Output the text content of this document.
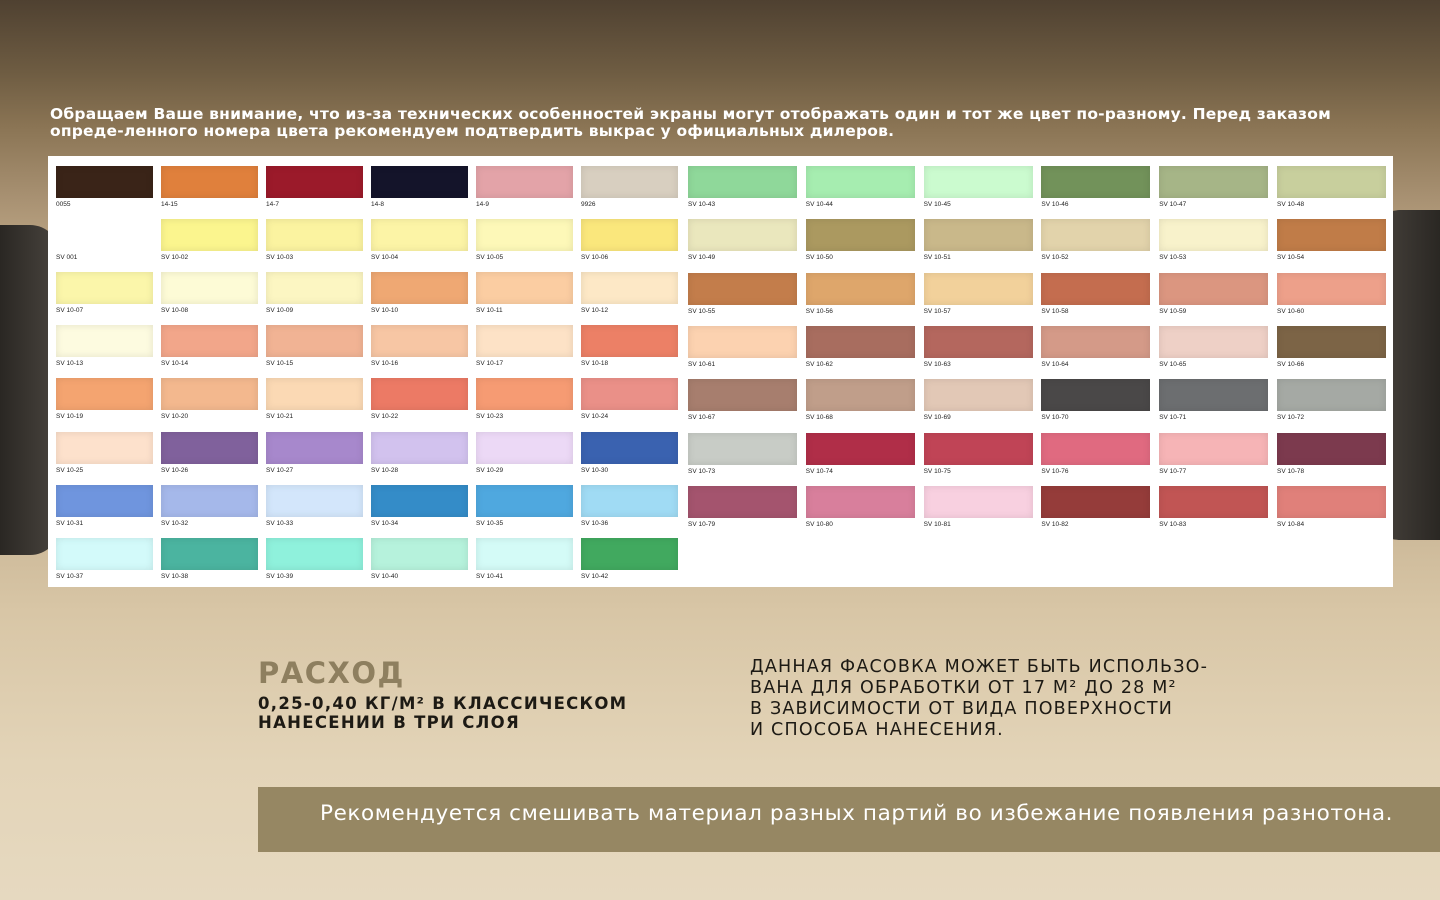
Обращаем Ваше внимание, что из-за технических особенностей экраны могут отображать один и тот же цвет по-разному. Перед заказом опреде-ленного номера цвета рекомендуем подтвердить выкрас у официальных дилеров.
0055	14-15	14-7	14-8	14-9	9926
SV 001	SV 10-02	SV 10-03	SV 10-04	SV 10-05	SV 10-06
SV 10-07	SV 10-08	SV 10-09	SV 10-10	SV 10-11	SV 10-12
SV 10-13	SV 10-14	SV 10-15	SV 10-16	SV 10-17	SV 10-18
SV 10-19	SV 10-20	SV 10-21	SV 10-22	SV 10-23	SV 10-24
SV 10-25	SV 10-26	SV 10-27	SV 10-28	SV 10-29	SV 10-30
SV 10-31	SV 10-32	SV 10-33	SV 10-34	SV 10-35	SV 10-36
SV 10-37	SV 10-38	SV 10-39	SV 10-40	SV 10-41	SV 10-42
SV 10-43	SV 10-44	SV 10-45	SV 10-46	SV 10-47	SV 10-48
SV 10-49	SV 10-50	SV 10-51	SV 10-52	SV 10-53	SV 10-54
SV 10-55	SV 10-56	SV 10-57	SV 10-58	SV 10-59	SV 10-60
SV 10-61	SV 10-62	SV 10-63	SV 10-64	SV 10-65	SV 10-66
SV 10-67	SV 10-68	SV 10-69	SV 10-70	SV 10-71	SV 10-72
SV 10-73	SV 10-74	SV 10-75	SV 10-76	SV 10-77	SV 10-78
SV 10-79	SV 10-80	SV 10-81	SV 10-82	SV 10-83	SV 10-84
РАСХОД
0,25-0,40 КГ/М² В КЛАССИЧЕСКОМ
НАНЕСЕНИИ В ТРИ СЛОЯ
ДАННАЯ ФАСОВКА МОЖЕТ БЫТЬ ИСПОЛЬЗО-
ВАНА ДЛЯ ОБРАБОТКИ ОТ 17 М² ДО 28 М²
В ЗАВИСИМОСТИ ОТ ВИДА ПОВЕРХНОСТИ
И СПОСОБА НАНЕСЕНИЯ.
Рекомендуется смешивать материал разных партий во избежание появления разнотона.
